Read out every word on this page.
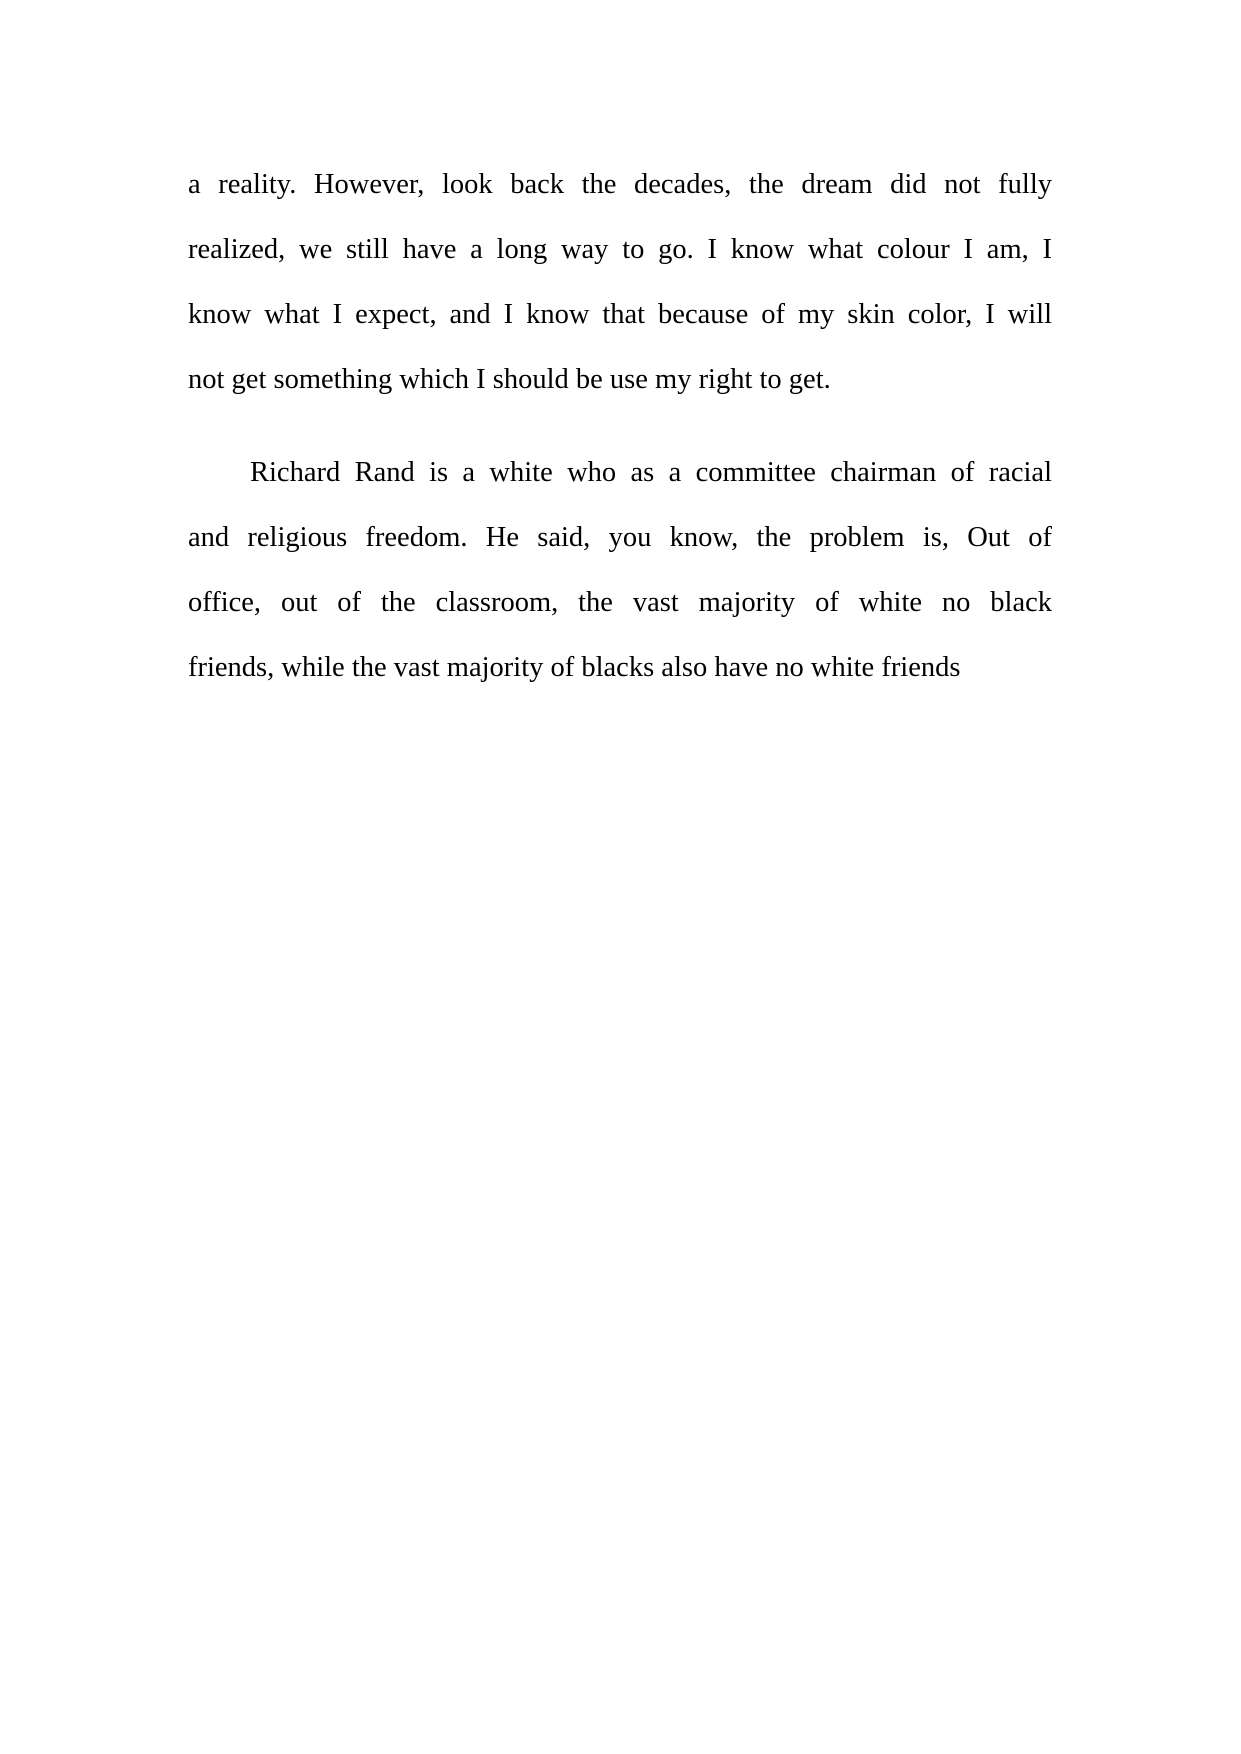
a reality. However, look back the decades, the dream did not fully
realized, we still have a long way to go. I know what colour I am, I
know what I expect, and I know that because of my skin color, I will
not get something which I should be use my right to get.
Richard Rand is a white who as a committee chairman of racial
and religious freedom. He said, you know, the problem is, Out of
office, out of the classroom, the vast majority of white no black
friends, while the vast majority of blacks also have no white friends
